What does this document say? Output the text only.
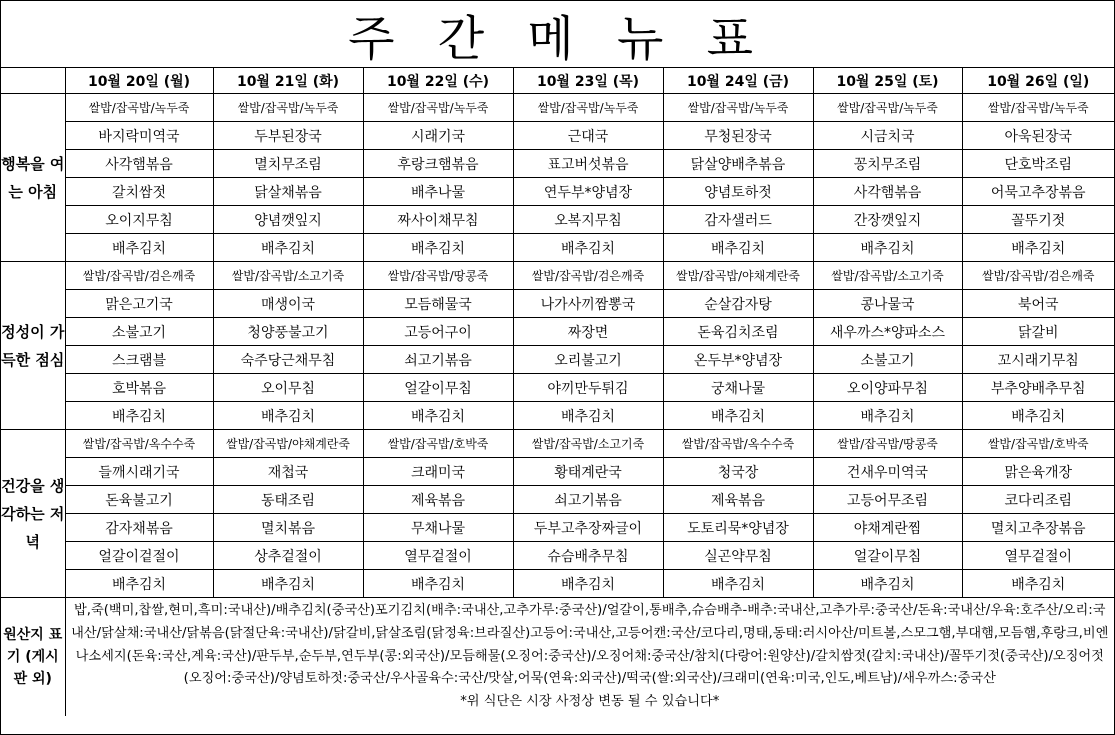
주 간 메 뉴 표
	10월 20일 (월)	10월 21일 (화)	10월 22일 (수)	10월 23일 (목)	10월 24일 (금)	10월 25일 (토)	10월 26일 (일)
행복을 여는 아침	쌀밥/잡곡밥/녹두죽	쌀밥/잡곡밥/녹두죽	쌀밥/잡곡밥/녹두죽	쌀밥/잡곡밥/녹두죽	쌀밥/잡곡밥/녹두죽	쌀밥/잡곡밥/녹두죽	쌀밥/잡곡밥/녹두죽
	바지락미역국	두부된장국	시래기국	근대국	무청된장국	시금치국	아욱된장국
	사각햄볶음	멸치무조림	후랑크햄볶음	표고버섯볶음	닭살양배추볶음	꽁치무조림	단호박조림
	갈치쌈젓	닭살채볶음	배추나물	연두부*양념장	양념토하젓	사각햄볶음	어묵고추장볶음
	오이지무침	양념깻잎지	짜사이채무침	오복지무침	감자샐러드	간장깻잎지	꼴뚜기젓
	배추김치	배추김치	배추김치	배추김치	배추김치	배추김치	배추김치
정성이 가득한 점심	쌀밥/잡곡밥/검은깨죽	쌀밥/잡곡밥/소고기죽	쌀밥/잡곡밥/땅콩죽	쌀밥/잡곡밥/검은깨죽	쌀밥/잡곡밥/야채계란죽	쌀밥/잡곡밥/소고기죽	쌀밥/잡곡밥/검은깨죽
	맑은고기국	매생이국	모듬해물국	나가사끼짬뽕국	순살감자탕	콩나물국	북어국
	소불고기	청양풍불고기	고등어구이	짜장면	돈육김치조림	새우까스*양파소스	닭갈비
	스크램블	숙주당근채무침	쇠고기볶음	오리불고기	온두부*양념장	소불고기	꼬시래기무침
	호박볶음	오이무침	얼갈이무침	야끼만두튀김	궁채나물	오이양파무침	부추양배추무침
	배추김치	배추김치	배추김치	배추김치	배추김치	배추김치	배추김치
건강을 생각하는 저녁	쌀밥/잡곡밥/옥수수죽	쌀밥/잡곡밥/야채계란죽	쌀밥/잡곡밥/호박죽	쌀밥/잡곡밥/소고기죽	쌀밥/잡곡밥/옥수수죽	쌀밥/잡곡밥/땅콩죽	쌀밥/잡곡밥/호박죽
	들깨시래기국	재첩국	크래미국	황태계란국	청국장	건새우미역국	맑은육개장
	돈육불고기	동태조림	제육볶음	쇠고기볶음	제육볶음	고등어무조림	코다리조림
	감자채볶음	멸치볶음	무채나물	두부고추장짜글이	도토리묵*양념장	야채계란찜	멸치고추장볶음
	얼갈이겉절이	상추겉절이	열무겉절이	슈슴배추무침	실곤약무침	얼갈이무침	열무겉절이
	배추김치	배추김치	배추김치	배추김치	배추김치	배추김치	배추김치
원산지 표기 (게시판 외)	밥,죽(백미,찹쌀,현미,흑미:국내산)/배추김치(중국산)포기김치(배추:국내산,고추가루:중국산)/얼갈이,통배추,슈슴배추-배추:국내산,고추가루:중국산/돈육:국내산/우육:호주산/오리:국내산/닭살채:국내산/닭볶음(닭절단육:국내산)/닭갈비,닭살조림(닭정육:브라질산)고등어:국내산,고등어캔:국산/코다리,명태,동태:러시아산/미트볼,스모그햄,부대햄,모듬햄,후랑크,비엔나소세지(돈육:국산,계육:국산)/판두부,순두부,연두부(콩:외국산)/모듬해물(오징어:중국산)/오징어채:중국산/참치(다랑어:원양산)/갈치쌈젓(갈치:국내산)/꼴뚜기젓(중국산)/오징어젓(오징어:중국산)/양념토하젓:중국산/우사골육수:국산/맛살,어묵(연육:외국산)/떡국(쌀:외국산)/크래미(연육:미국,인도,베트남)/새우까스:중국산
*위 식단은 시장 사정상 변동 될 수 있습니다*						
